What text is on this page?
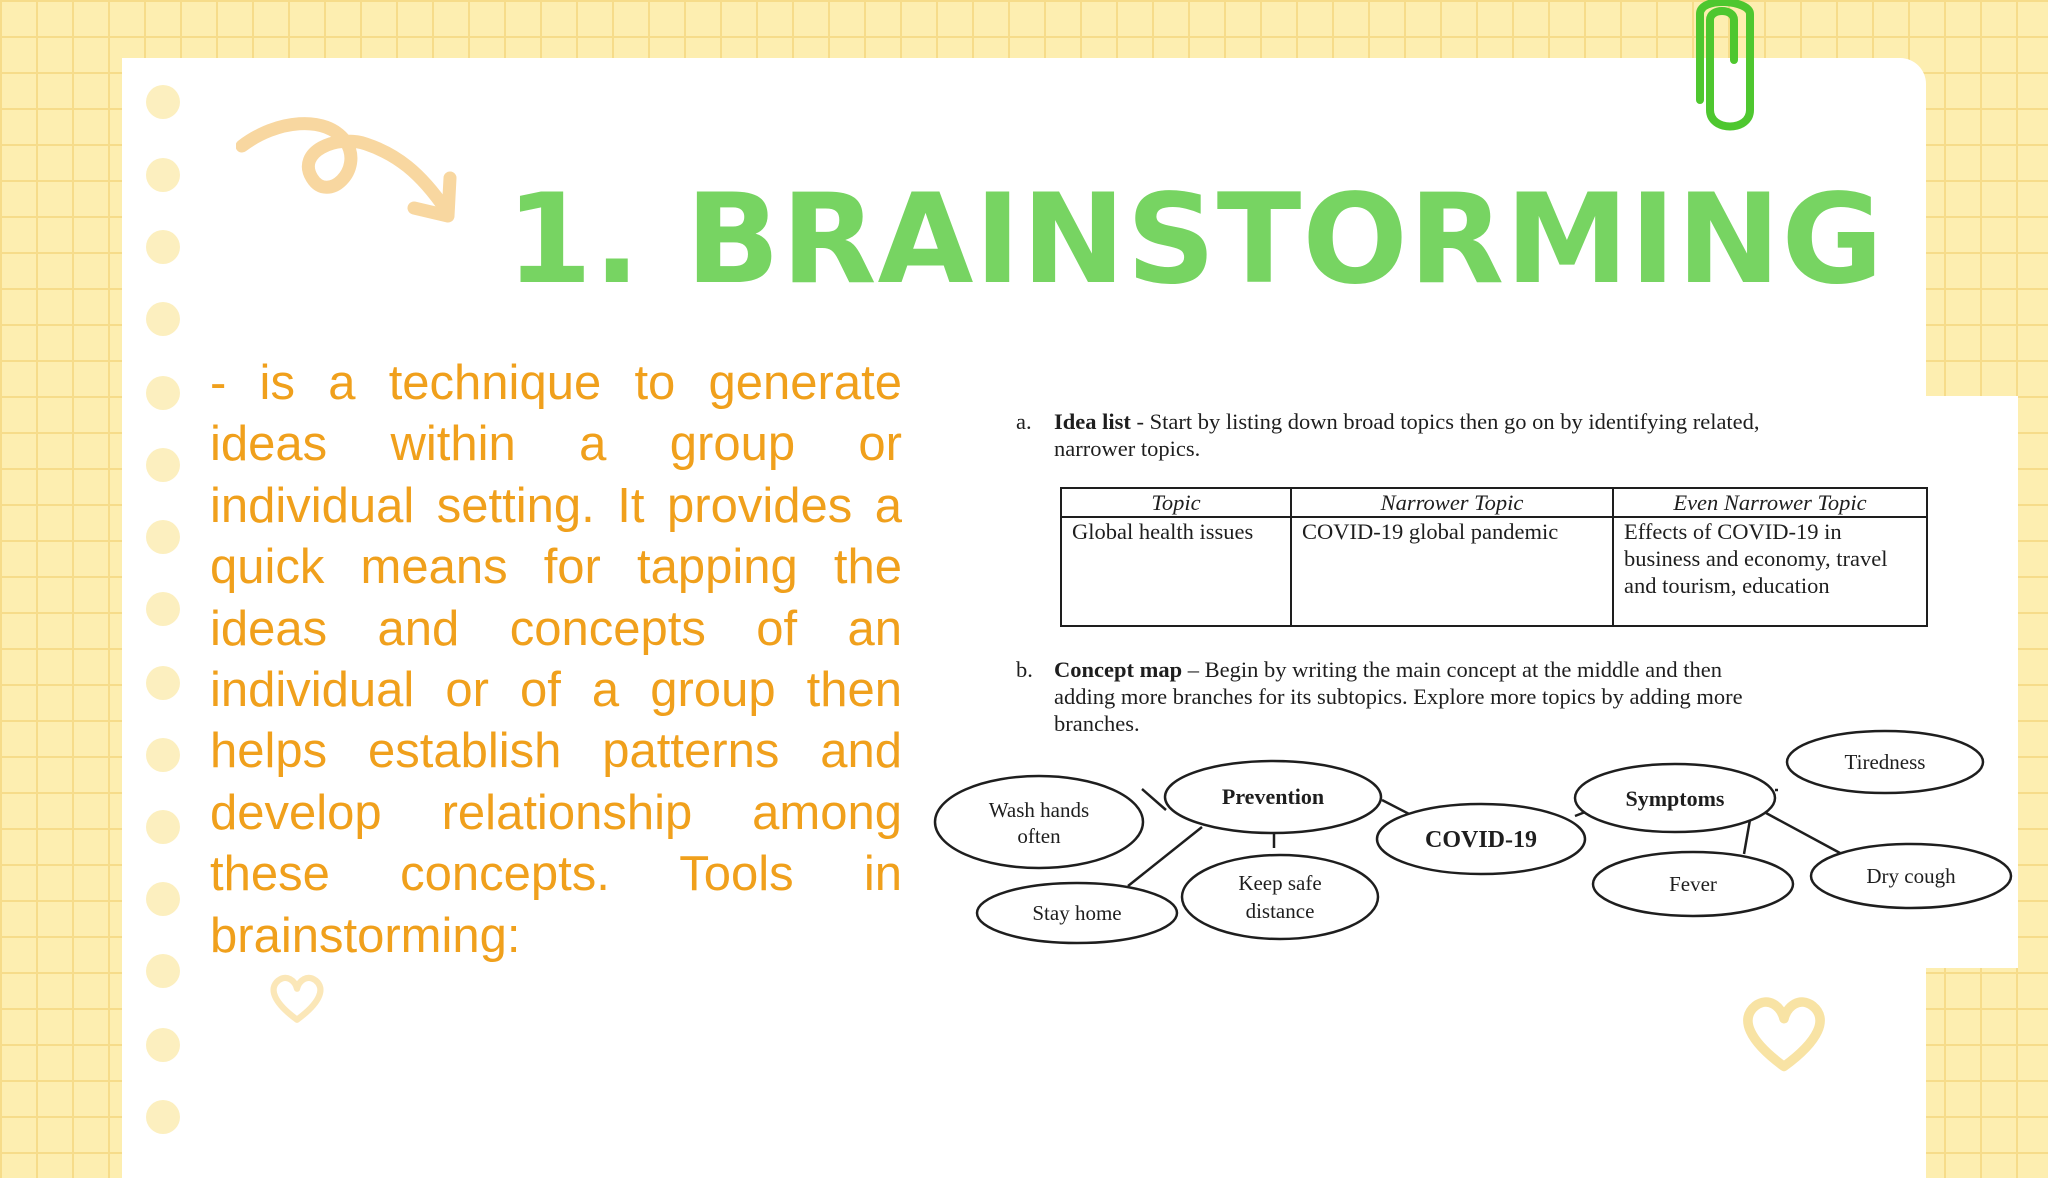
1. BRAINSTORMING

- is a technique to generate ideas within a group or individual setting. It provides a quick means for tapping the ideas and concepts of an individual or of a group then helps establish patterns and develop relationship among these concepts. Tools in brainstorming:

a. Idea list - Start by listing down broad topics then go on by identifying related,
narrower topics.
Topic	Narrower Topic	Even Narrower Topic
Global health issues	COVID-19 global pandemic	Effects of COVID-19 in business and economy, travel and tourism, education
b. Concept map – Begin by writing the main concept at the middle and then
adding more branches for its subtopics. Explore more topics by adding more
branches.
Wash hands
often
Prevention
Stay home
Keep safe
distance
COVID-19
Symptoms
Tiredness
Fever	Dry cough
